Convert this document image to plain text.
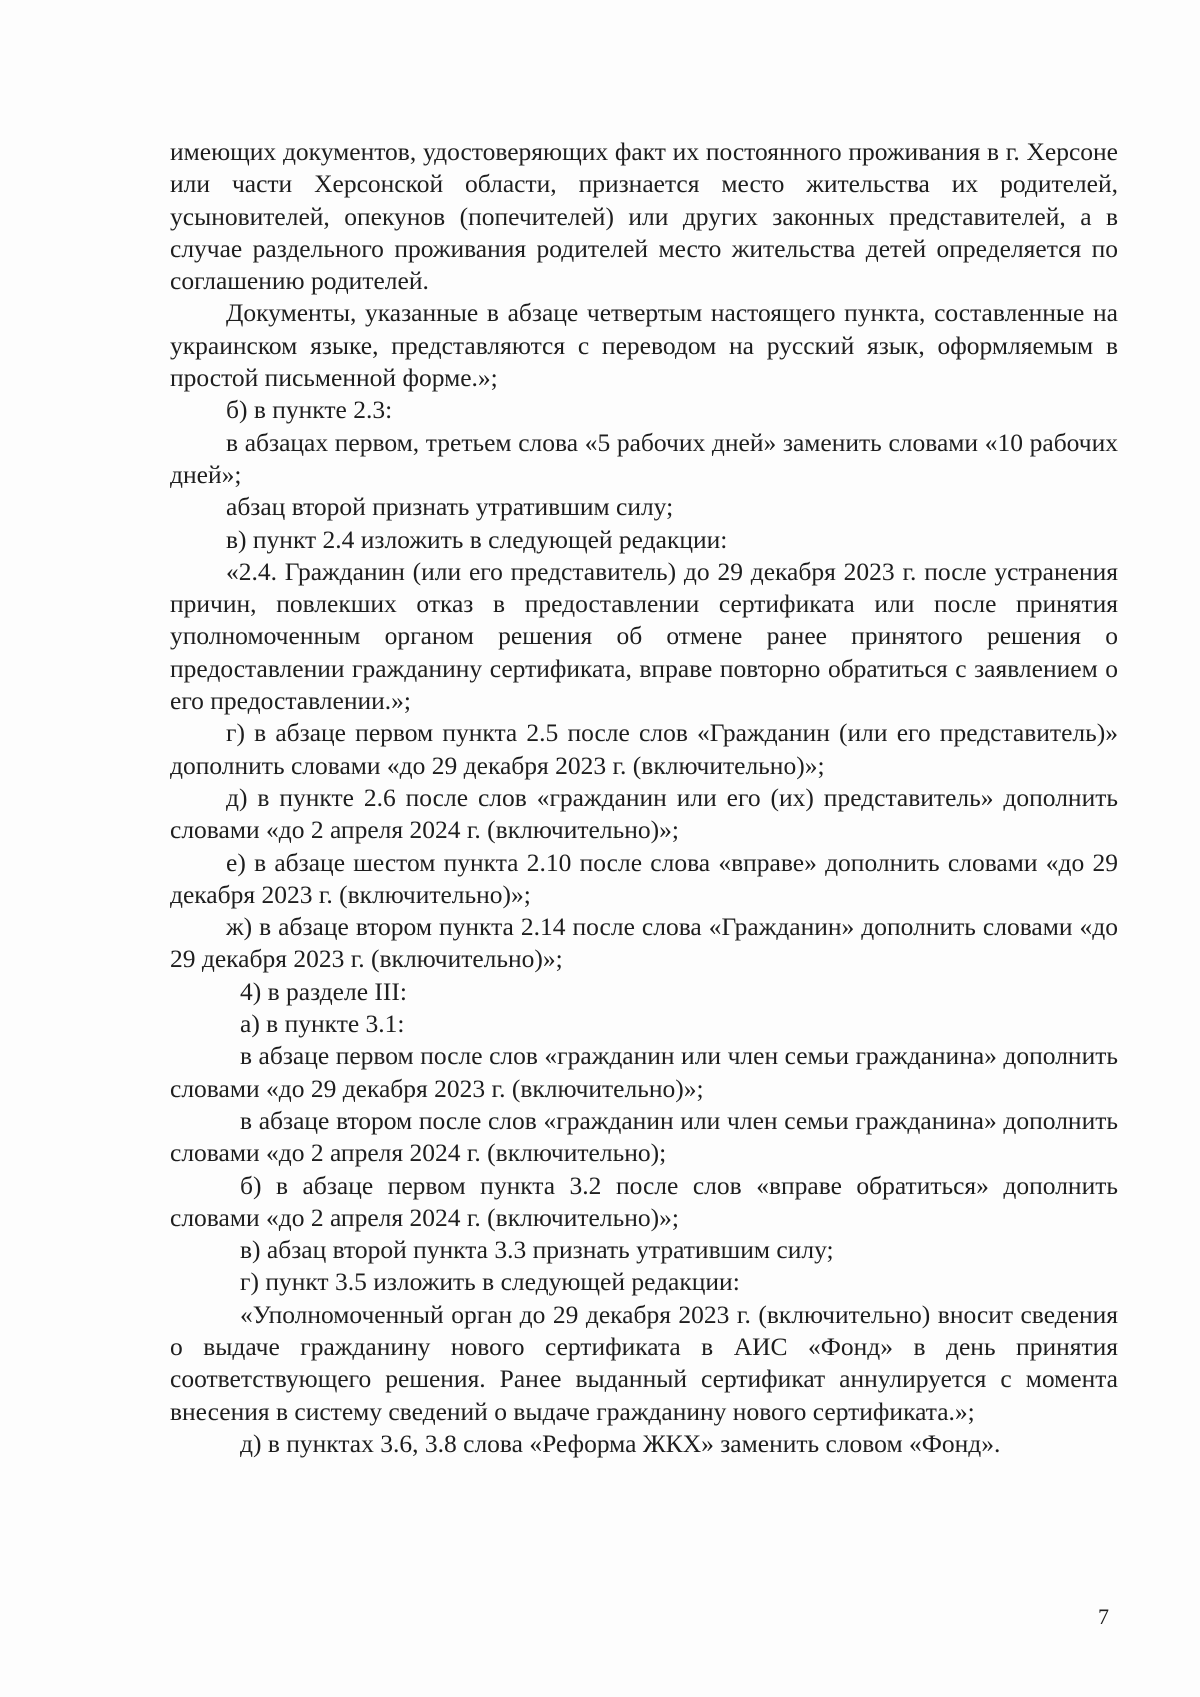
имеющих документов, удостоверяющих факт их постоянного проживания в г. Херсоне или части Херсонской области, признается место жительства их родителей, усыновителей, опекунов (попечителей) или других законных представителей, а в случае раздельного проживания родителей место жительства детей определяется по соглашению родителей.

Документы, указанные в абзаце четвертым настоящего пункта, составленные на украинском языке, представляются с переводом на русский язык, оформляемым в простой письменной форме.»;

б) в пункте 2.3:

в абзацах первом, третьем слова «5 рабочих дней» заменить словами «10 рабочих дней»;

абзац второй признать утратившим силу;

в) пункт 2.4 изложить в следующей редакции:

«2.4. Гражданин (или его представитель) до 29 декабря 2023 г. после устранения причин, повлекших отказ в предоставлении сертификата или после принятия уполномоченным органом решения об отмене ранее принятого решения о предоставлении гражданину сертификата, вправе повторно обратиться с заявлением о его предоставлении.»;

г) в абзаце первом пункта 2.5 после слов «Гражданин (или его представитель)» дополнить словами «до 29 декабря 2023 г. (включительно)»;

д) в пункте 2.6 после слов «гражданин или его (их) представитель» дополнить словами «до 2 апреля 2024 г. (включительно)»;

е) в абзаце шестом пункта 2.10 после слова «вправе» дополнить словами «до 29 декабря 2023 г. (включительно)»;

ж) в абзаце втором пункта 2.14 после слова «Гражданин» дополнить словами «до 29 декабря 2023 г. (включительно)»;

4) в разделе III:

а) в пункте 3.1:

в абзаце первом после слов «гражданин или член семьи гражданина» дополнить словами «до 29 декабря 2023 г. (включительно)»;

в абзаце втором после слов «гражданин или член семьи гражданина» дополнить словами «до 2 апреля 2024 г. (включительно);

б) в абзаце первом пункта 3.2 после слов «вправе обратиться» дополнить словами «до 2 апреля 2024 г. (включительно)»;

в) абзац второй пункта 3.3 признать утратившим силу;

г) пункт 3.5 изложить в следующей редакции:

«Уполномоченный орган до 29 декабря 2023 г. (включительно) вносит сведения о выдаче гражданину нового сертификата в АИС «Фонд» в день принятия соответствующего решения. Ранее выданный сертификат аннулируется с момента внесения в систему сведений о выдаче гражданину нового сертификата.»;

д) в пунктах 3.6, 3.8 слова «Реформа ЖКХ» заменить словом «Фонд».

7
